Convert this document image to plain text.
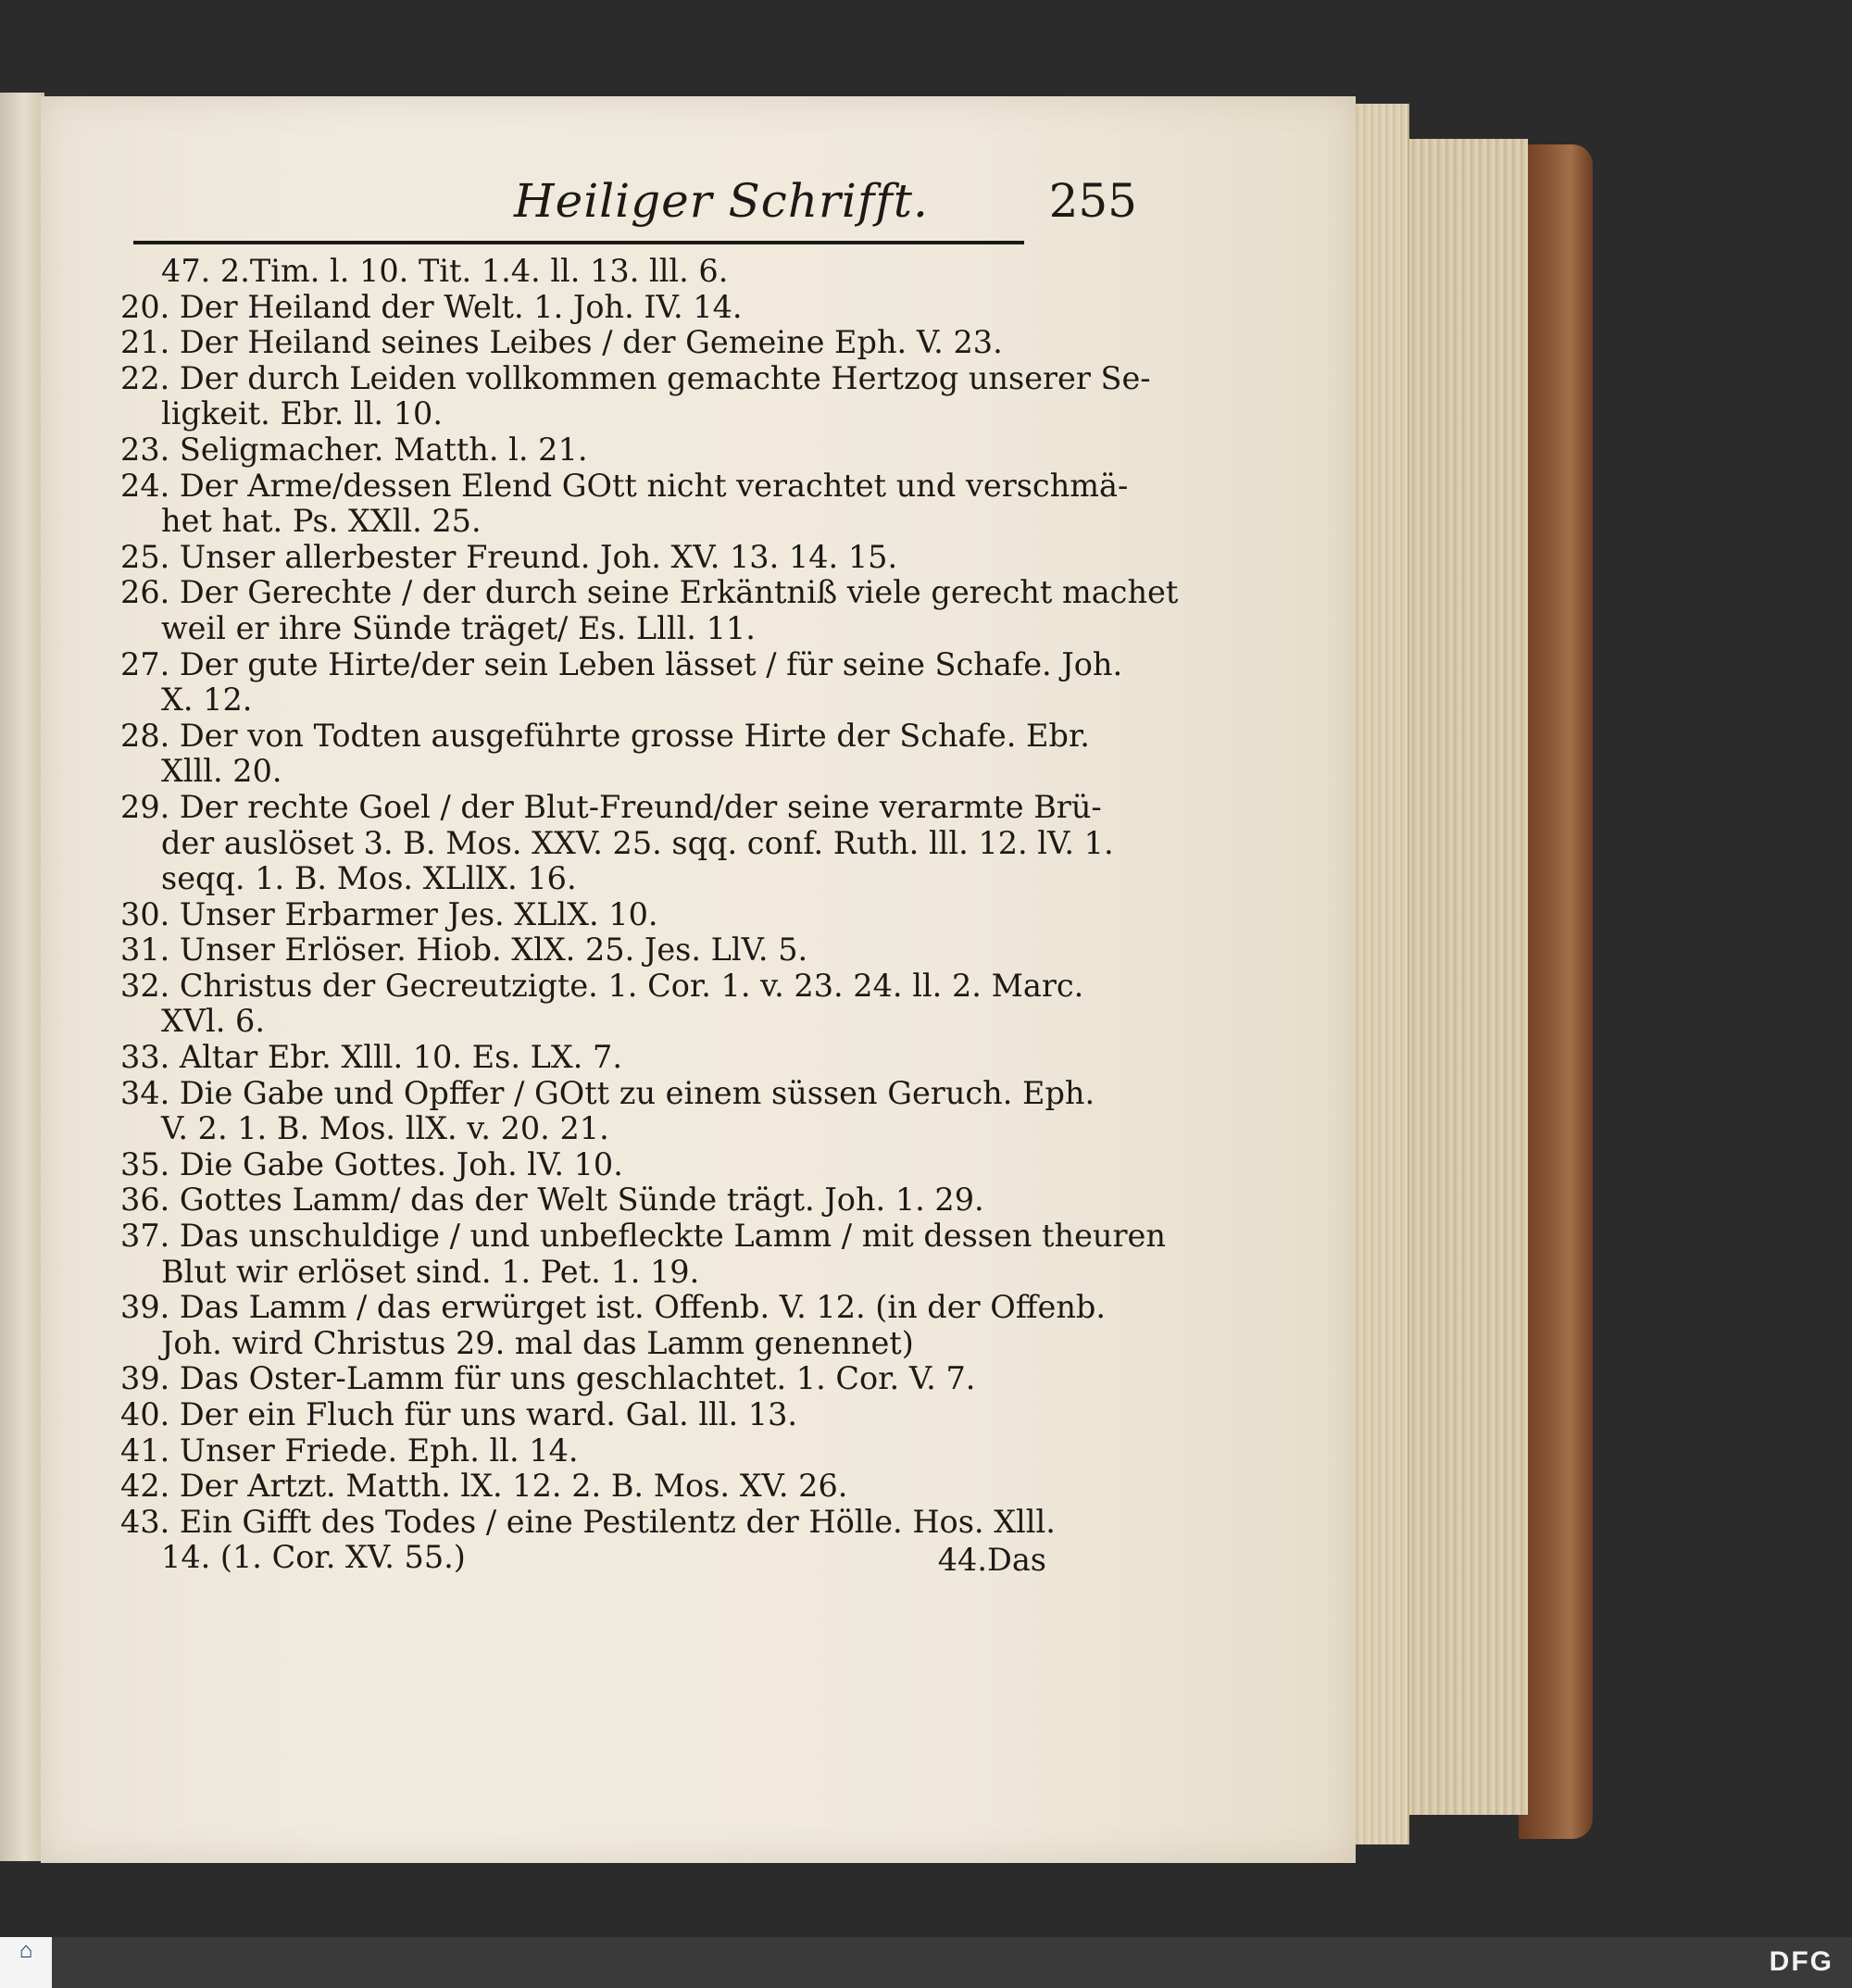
Heiliger Schrifft.	255
47. 2.Tim. l. 10. Tit. 1.4. ll. 13. lll. 6.
20. Der Heiland der Welt. 1. Joh. IV. 14.
21. Der Heiland seines Leibes / der Gemeine Eph. V. 23.
22. Der durch Leiden vollkommen gemachte Hertzog unserer Se-
ligkeit. Ebr. ll. 10.
23. Seligmacher. Matth. l. 21.
24. Der Arme/dessen Elend GOtt nicht verachtet und verschmä-
het hat. Ps. XXll. 25.
25. Unser allerbester Freund. Joh. XV. 13. 14. 15.
26. Der Gerechte / der durch seine Erkäntniß viele gerecht machet
weil er ihre Sünde träget/ Es. Llll. 11.
27. Der gute Hirte/der sein Leben lässet / für seine Schafe. Joh.
X. 12.
28. Der von Todten ausgeführte grosse Hirte der Schafe. Ebr.
Xlll. 20.
29. Der rechte Goel / der Blut-Freund/der seine verarmte Brü-
der auslöset 3. B. Mos. XXV. 25. sqq. conf. Ruth. lll. 12. lV. 1.
seqq. 1. B. Mos. XLllX. 16.
30. Unser Erbarmer Jes. XLlX. 10.
31. Unser Erlöser. Hiob. XlX. 25. Jes. LlV. 5.
32. Christus der Gecreutzigte. 1. Cor. 1. v. 23. 24. ll. 2. Marc.
XVl. 6.
33. Altar Ebr. Xlll. 10. Es. LX. 7.
34. Die Gabe und Opffer / GOtt zu einem süssen Geruch. Eph.
V. 2. 1. B. Mos. llX. v. 20. 21.
35. Die Gabe Gottes. Joh. lV. 10.
36. Gottes Lamm/ das der Welt Sünde trägt. Joh. 1. 29.
37. Das unschuldige / und unbefleckte Lamm / mit dessen theuren
Blut wir erlöset sind. 1. Pet. 1. 19.
39. Das Lamm / das erwürget ist. Offenb. V. 12. (in der Offenb.
Joh. wird Christus 29. mal das Lamm genennet)
39. Das Oster-Lamm für uns geschlachtet. 1. Cor. V. 7.
40. Der ein Fluch für uns ward. Gal. lll. 13.
41. Unser Friede. Eph. ll. 14.
42. Der Artzt. Matth. lX. 12. 2. B. Mos. XV. 26.
43. Ein Gifft des Todes / eine Pestilentz der Hölle. Hos. Xlll.
14. (1. Cor. XV. 55.)	44.Das
⌂	DFG
